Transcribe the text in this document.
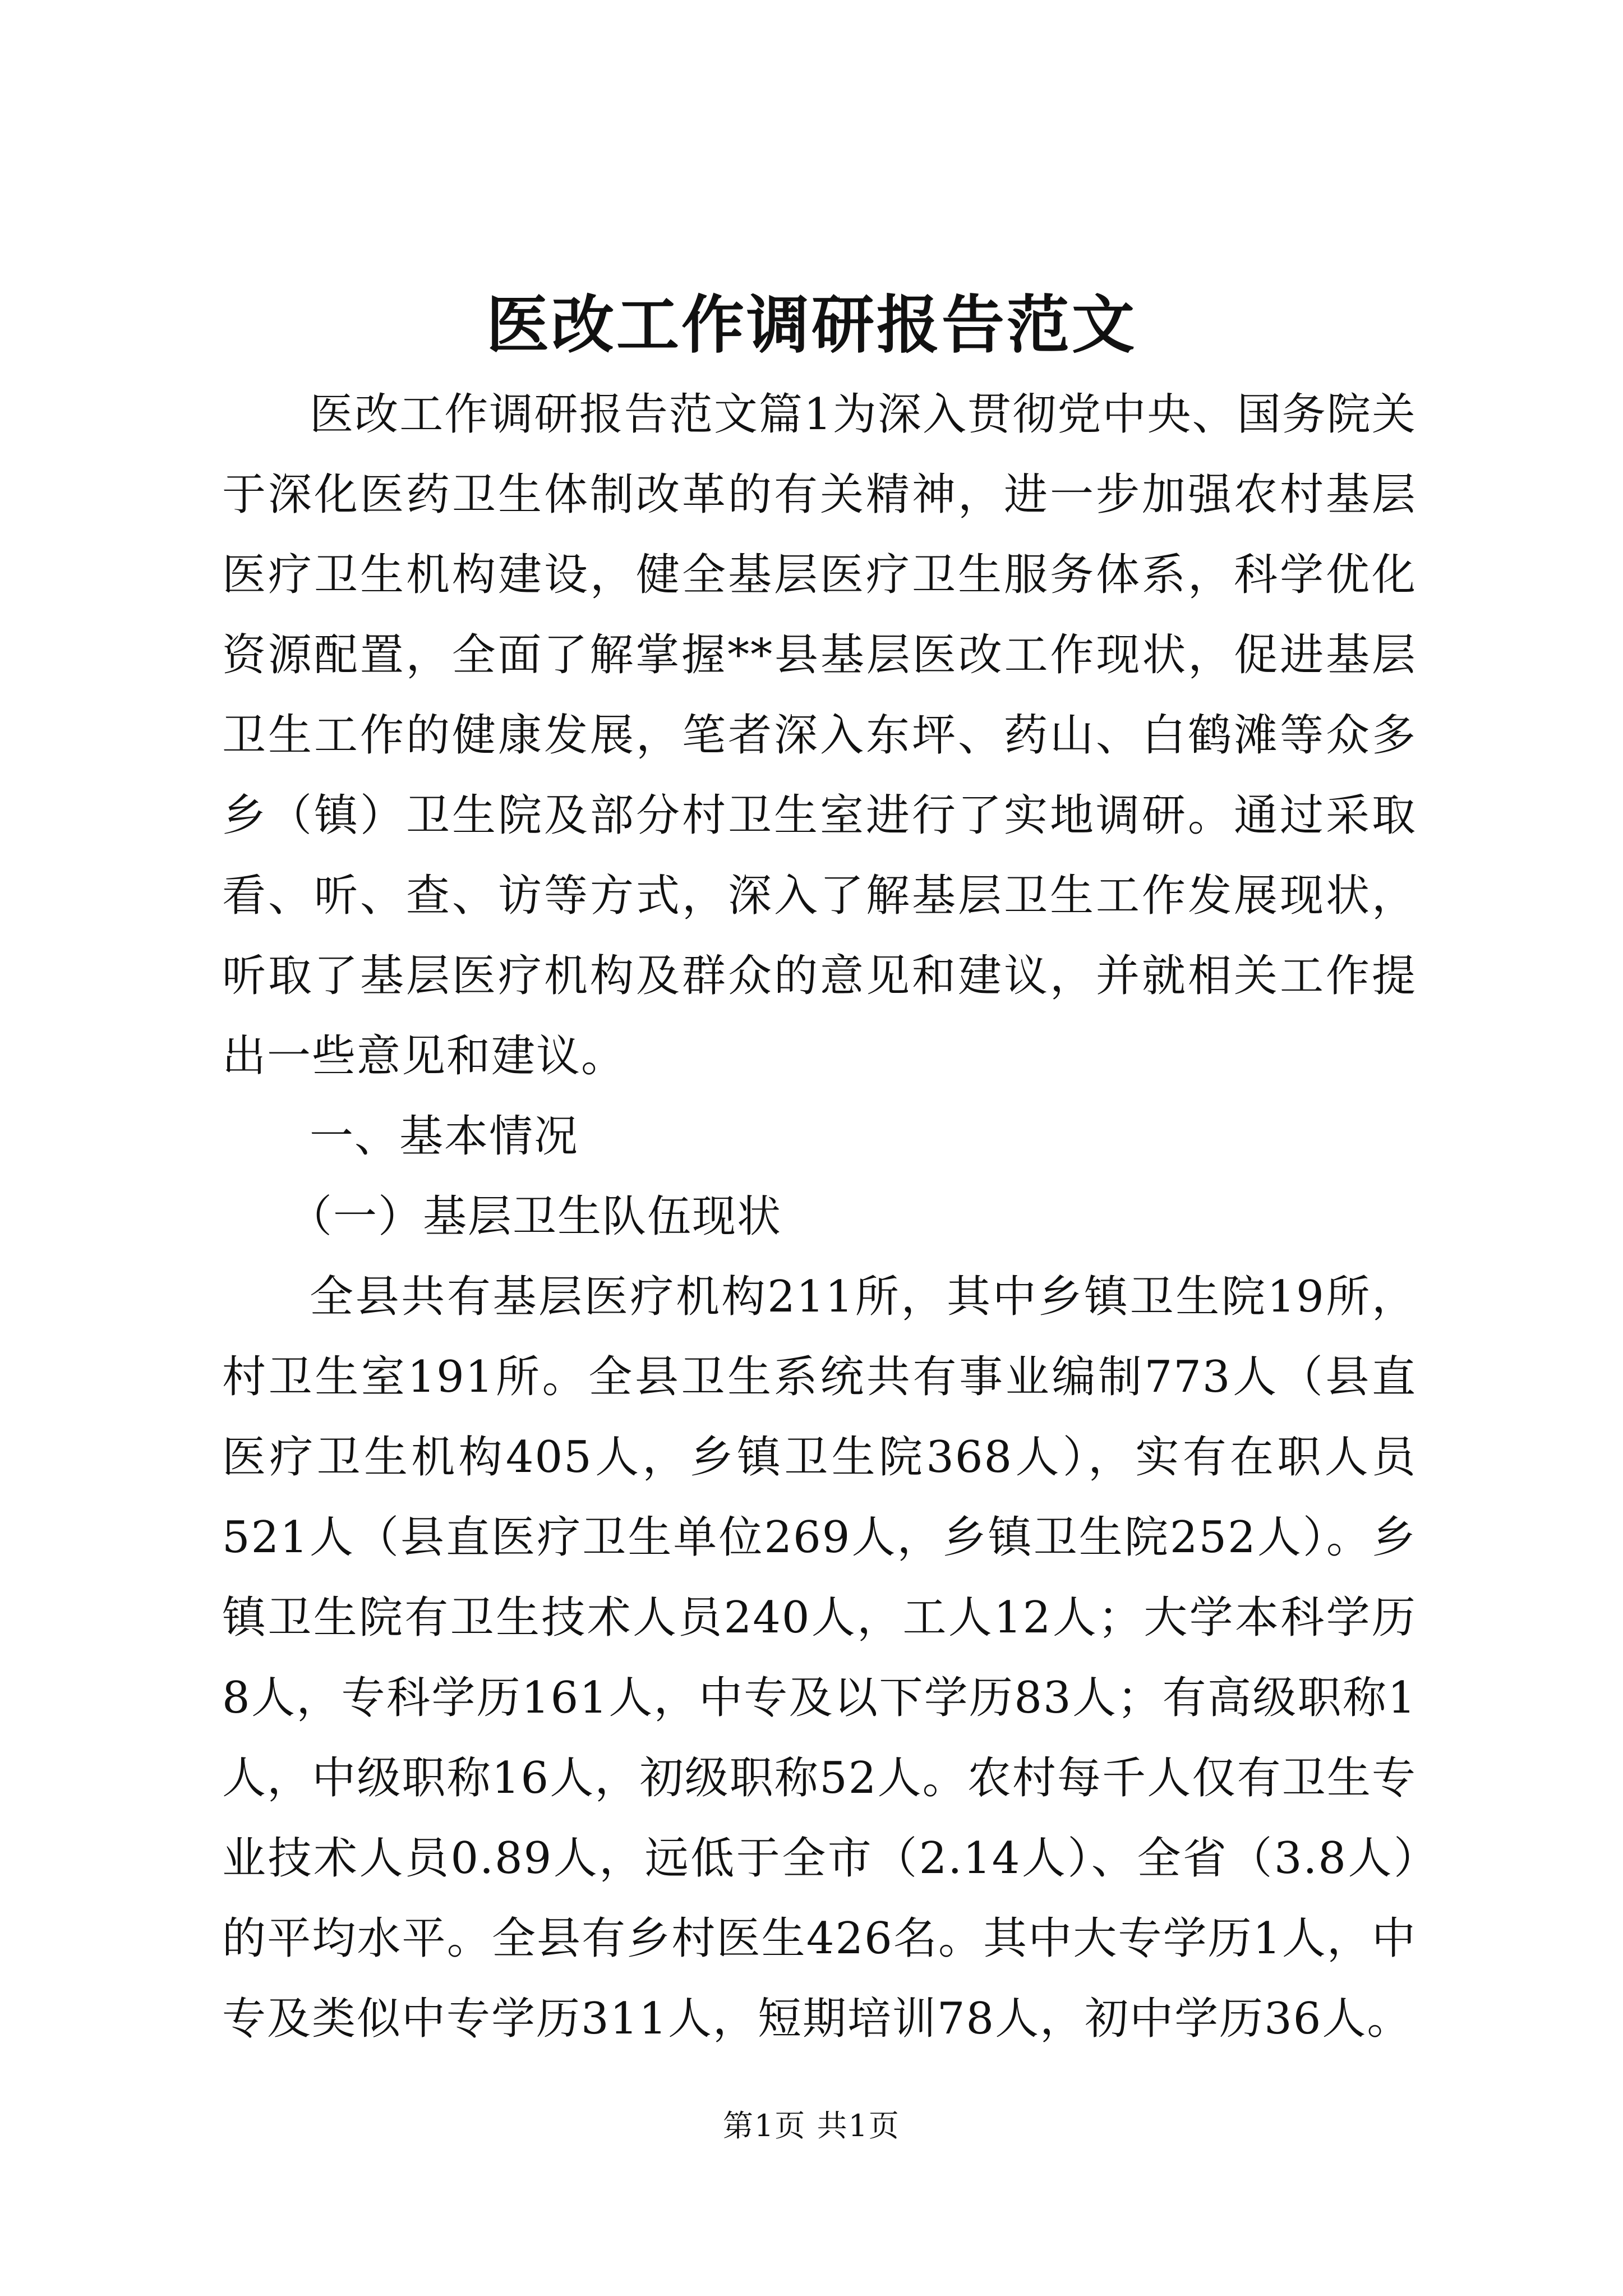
医改工作调研报告范文

医改工作调研报告范文篇1为深入贯彻党中央、国务院关于深化医药卫生体制改革的有关精神，进一步加强农村基层医疗卫生机构建设，健全基层医疗卫生服务体系，科学优化资源配置，全面了解掌握**县基层医改工作现状，促进基层卫生工作的健康发展，笔者深入东坪、药山、白鹤滩等众多乡（镇）卫生院及部分村卫生室进行了实地调研。通过采取看、听、查、访等方式，深入了解基层卫生工作发展现状，听取了基层医疗机构及群众的意见和建议，并就相关工作提出一些意见和建议。

一、基本情况

（一）基层卫生队伍现状

全县共有基层医疗机构211所，其中乡镇卫生院19所，村卫生室191所。全县卫生系统共有事业编制773人（县直医疗卫生机构405人，乡镇卫生院368人），实有在职人员521人（县直医疗卫生单位269人，乡镇卫生院252人）。乡镇卫生院有卫生技术人员240人，工人12人；大学本科学历8人，专科学历161人，中专及以下学历83人；有高级职称1人，中级职称16人，初级职称52人。农村每千人仅有卫生专业技术人员0.89人，远低于全市（2.14人）、全省（3.8人）的平均水平。全县有乡村医生426名。其中大专学历1人，中专及类似中专学历311人，短期培训78人，初中学历36人。

第1页 共1页
